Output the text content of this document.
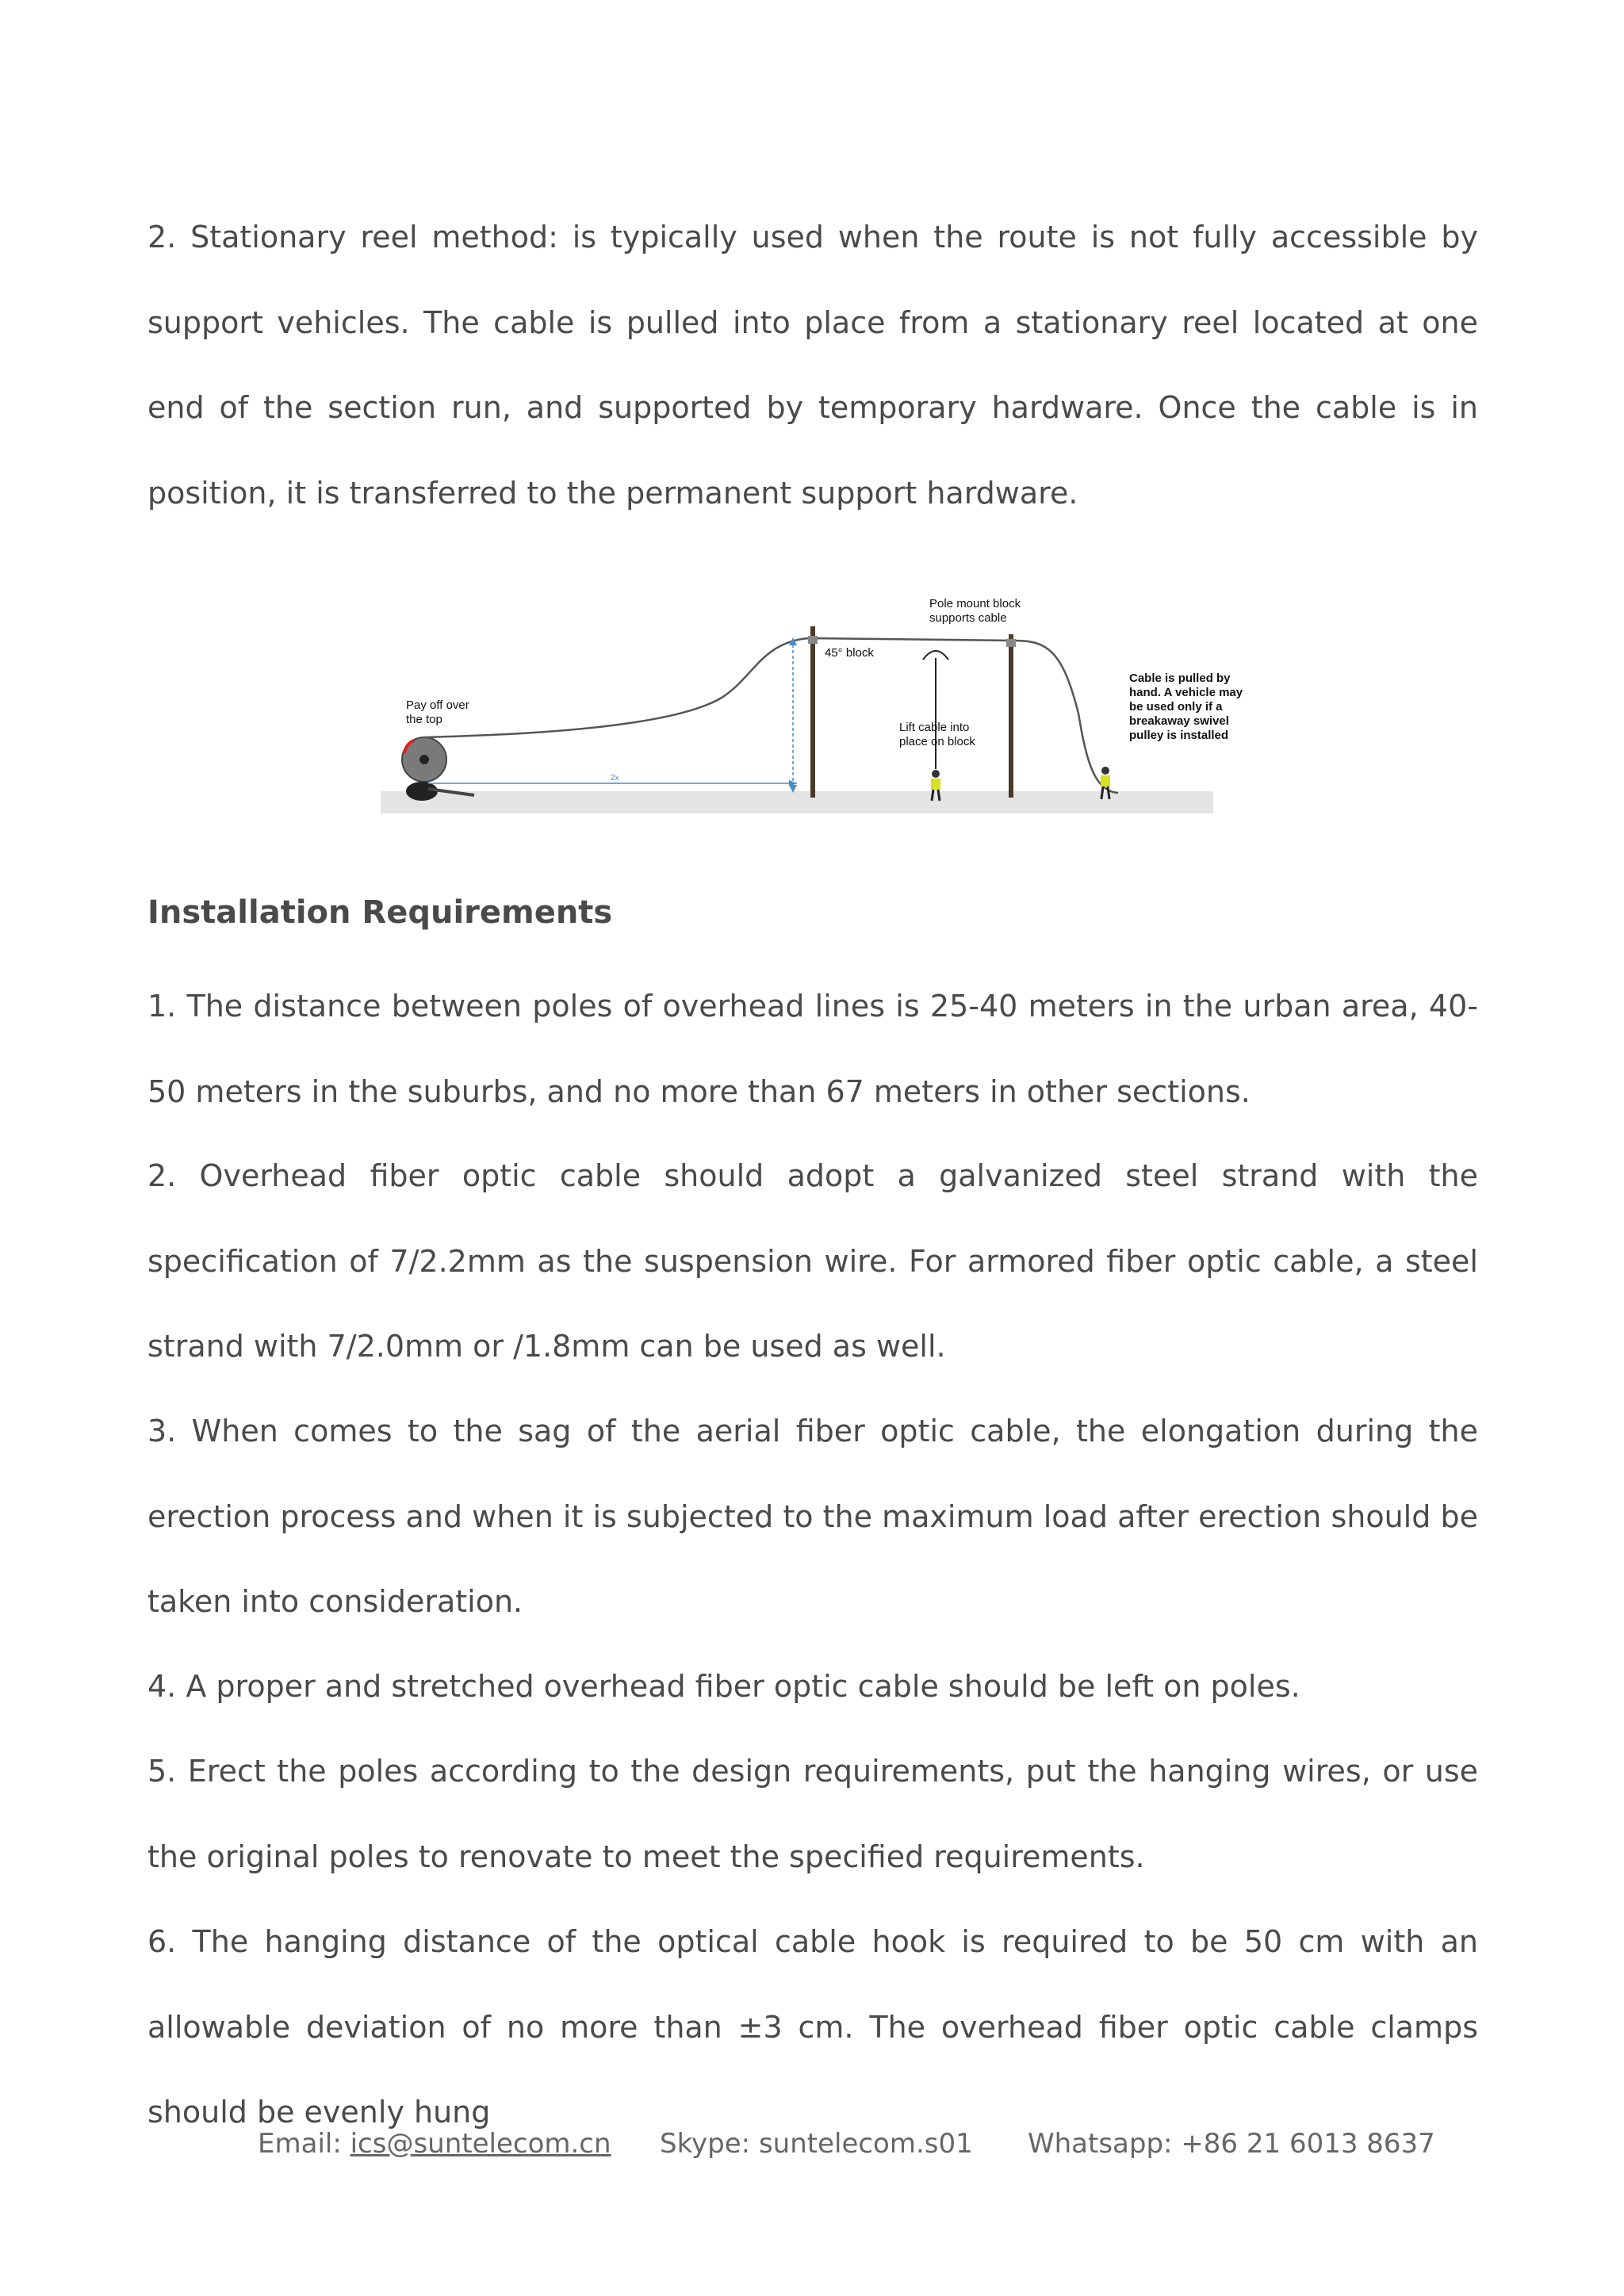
2. Stationary reel method: is typically used when the route is not fully accessible by support vehicles. The cable is pulled into place from a stationary reel located at one end of the section run, and supported by temporary hardware. Once the cable is in position, it is transferred to the permanent support hardware.

2x
Pay off over
the top
45° block
Pole mount block
supports cable
Lift cable into
place on block
Cable is pulled by
hand. A vehicle may
be used only if a
breakaway swivel
pulley is installed
Installation Requirements

1. The distance between poles of overhead lines is 25-40 meters in the urban area, 40-50 meters in the suburbs, and no more than 67 meters in other sections.

2. Overhead fiber optic cable should adopt a galvanized steel strand with the specification of 7/2.2mm as the suspension wire. For armored fiber optic cable, a steel strand with 7/2.0mm or /1.8mm can be used as well.

3. When comes to the sag of the aerial fiber optic cable, the elongation during the erection process and when it is subjected to the maximum load after erection should be taken into consideration.

4. A proper and stretched overhead fiber optic cable should be left on poles.

5. Erect the poles according to the design requirements, put the hanging wires, or use the original poles to renovate to meet the specified requirements.

6. The hanging distance of the optical cable hook is required to be 50 cm with an allowable deviation of no more than ±3 cm. The overhead fiber optic cable clamps should be evenly hung

Email: ics@suntelecom.cn Skype: suntelecom.s01 Whatsapp: +86 21 6013 8637
